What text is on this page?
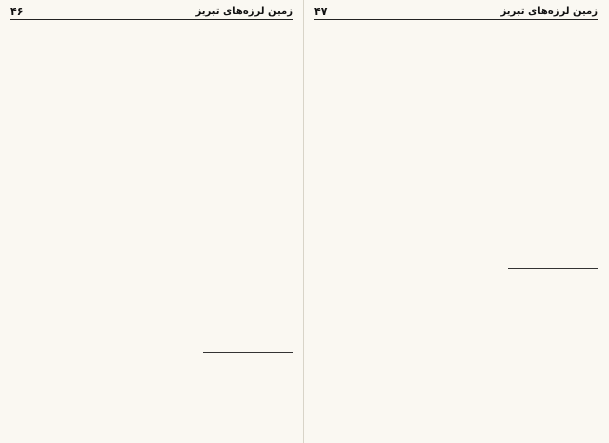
زمین لرزه‌های تبریز
۴۶	زمین لرزه‌های تبریز
۴۷
